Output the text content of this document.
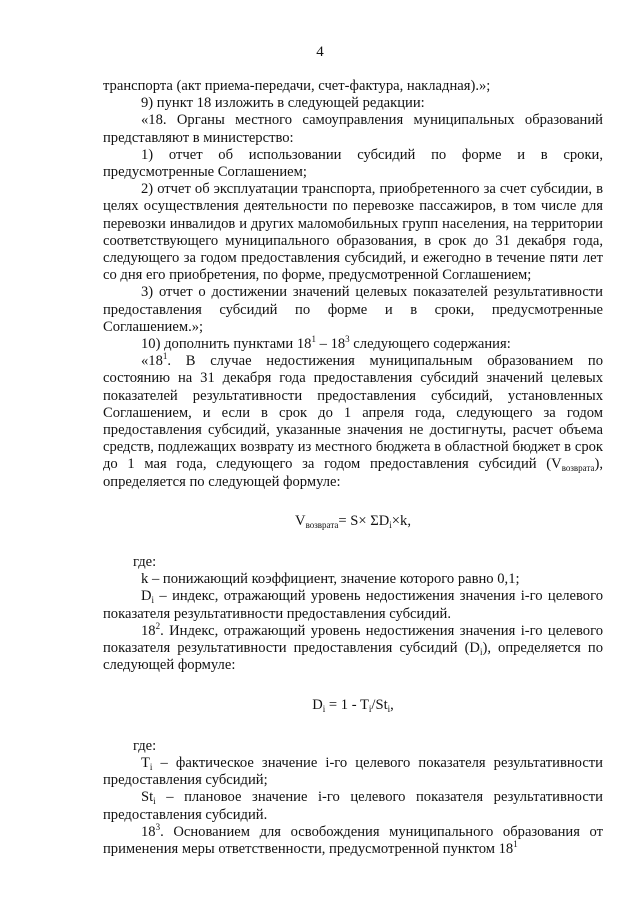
4

транспорта (акт приема-передачи, счет-фактура, накладная).»;

9) пункт 18 изложить в следующей редакции:

«18. Органы местного самоуправления муниципальных образований представляют в министерство:

1) отчет об использовании субсидий по форме и в сроки, предусмотренные Соглашением;

2) отчет об эксплуатации транспорта, приобретенного за счет субсидии, в целях осуществления деятельности по перевозке пассажиров, в том числе для перевозки инвалидов и других маломобильных групп населения, на территории соответствующего муниципального образования, в срок до 31 декабря года, следующего за годом предоставления субсидий, и ежегодно в течение пяти лет со дня его приобретения, по форме, предусмотренной Соглашением;

3) отчет о достижении значений целевых показателей результативности предоставления субсидий по форме и в сроки, предусмотренные Соглашением.»;

10) дополнить пунктами $18^1 - 18^3$ следующего содержания:

«$18^1$. В случае недостижения муниципальным образованием по состоянию на 31 декабря года предоставления субсидий значений целевых показателей результативности предоставления субсидий, установленных Соглашением, и если в срок до 1 апреля года, следующего за годом предоставления субсидий, указанные значения не достигнуты, расчет объема средств, подлежащих возврату из местного бюджета в областной бюджет в срок до 1 мая года, следующего за годом предоставления субсидий $(V_{возврата})$, определяется по следующей формуле:

$V_{возврата}= S\times \Sigma D_i\times k$,

где:

k – понижающий коэффициент, значение которого равно 0,1;

$D_i$ – индекс, отражающий уровень недостижения значения i-го целевого показателя результативности предоставления субсидий.

$18^2$. Индекс, отражающий уровень недостижения значения i-го целевого показателя результативности предоставления субсидий $(D_i)$, определяется по следующей формуле:

$D_i = 1 - T_i/St_i$,

где:

$T_i$ – фактическое значение i-го целевого показателя результативности предоставления субсидий;

$St_i$ – плановое значение i-го целевого показателя результативности предоставления субсидий.

$18^3$. Основанием для освобождения муниципального образования от применения меры ответственности, предусмотренной пунктом $18^1$
